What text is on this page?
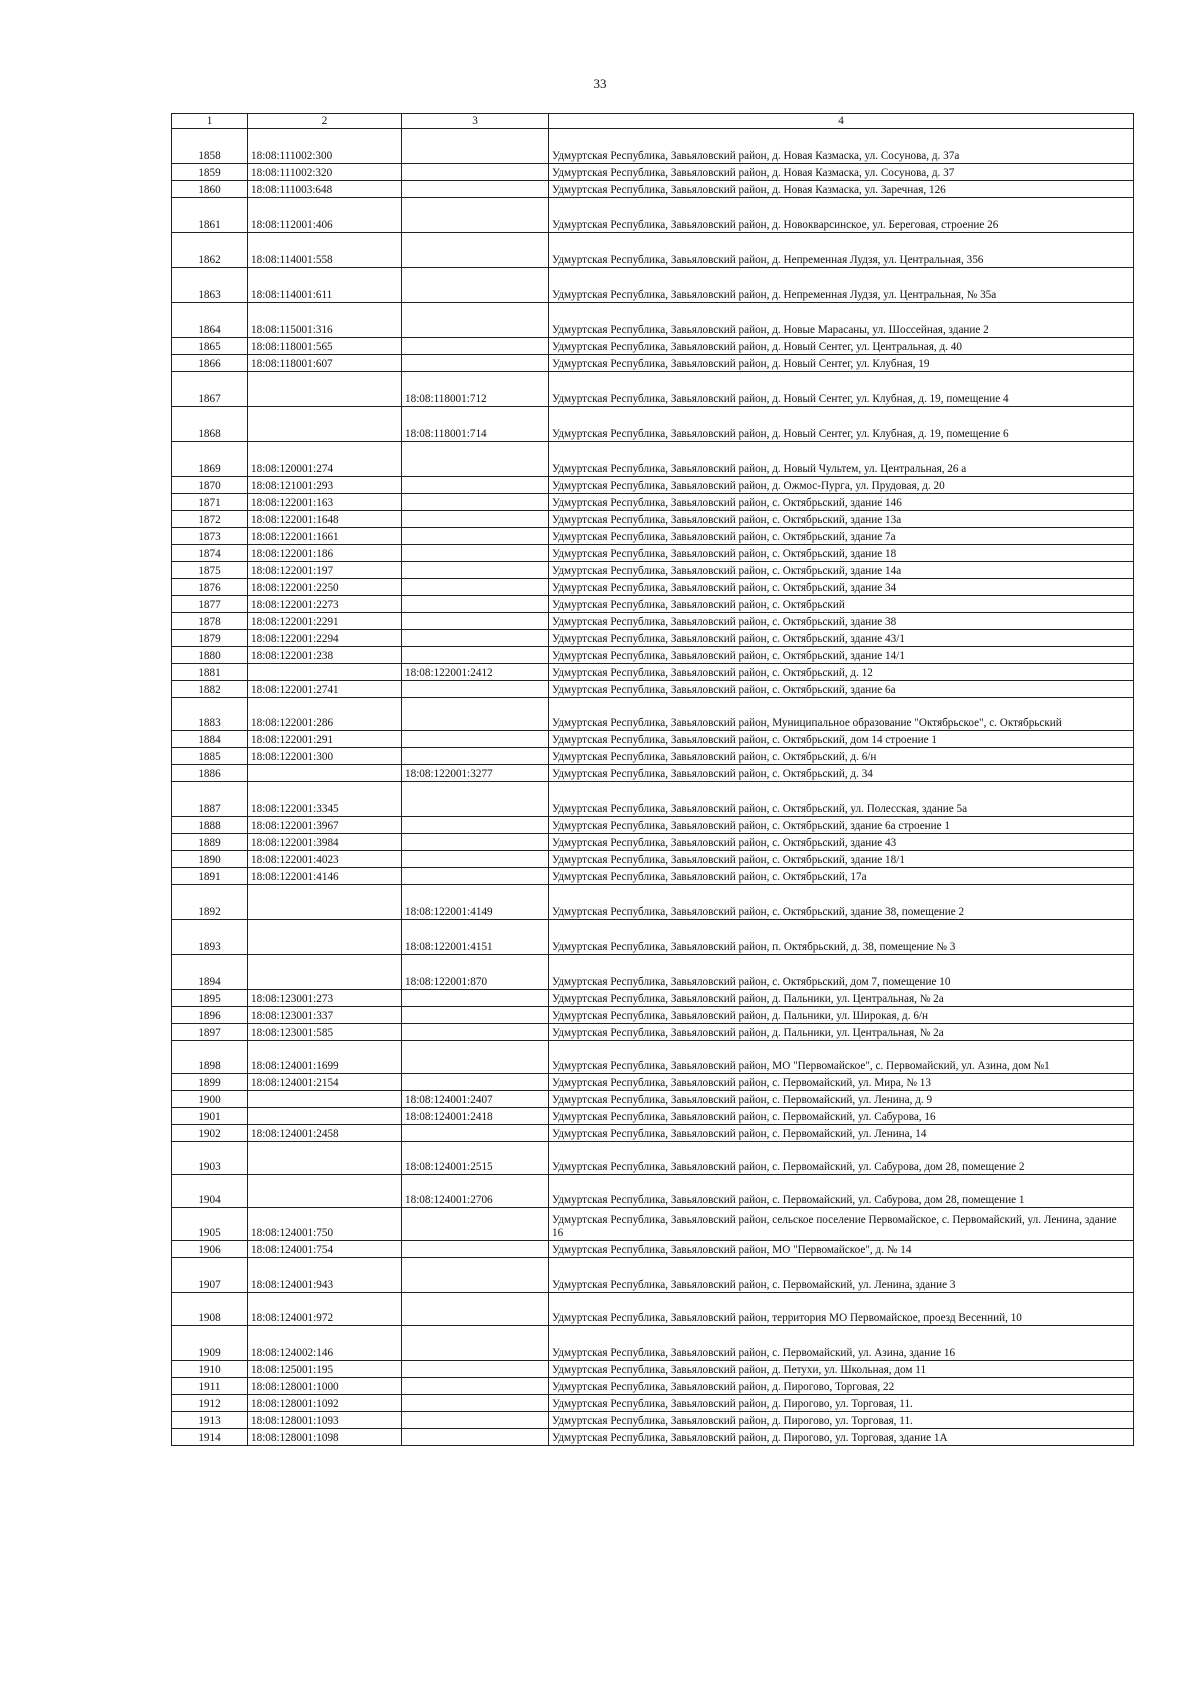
33
1	2	3	4
1858	18:08:111002:300		Удмуртская Республика, Завьяловский район, д. Новая Казмаска, ул. Сосунова, д. 37а
1859	18:08:111002:320		Удмуртская Республика, Завьяловский район, д. Новая Казмаска, ул. Сосунова, д. 37
1860	18:08:111003:648		Удмуртская Республика, Завьяловский район, д. Новая Казмаска, ул. Заречная, 126
1861	18:08:112001:406		Удмуртская Республика, Завьяловский район, д. Новокварсинское, ул. Береговая, строение 26
1862	18:08:114001:558		Удмуртская Республика, Завьяловский район, д. Непременная Лудзя, ул. Центральная, 356
1863	18:08:114001:611		Удмуртская Республика, Завьяловский район, д. Непременная Лудзя, ул. Центральная, № 35а
1864	18:08:115001:316		Удмуртская Республика, Завьяловский район, д. Новые Марасаны, ул. Шоссейная, здание 2
1865	18:08:118001:565		Удмуртская Республика, Завьяловский район, д. Новый Сентег, ул. Центральная, д. 40
1866	18:08:118001:607		Удмуртская Республика, Завьяловский район, д. Новый Сентег, ул. Клубная, 19
1867		18:08:118001:712	Удмуртская Республика, Завьяловский район, д. Новый Сентег, ул. Клубная, д. 19, помещение 4
1868		18:08:118001:714	Удмуртская Республика, Завьяловский район, д. Новый Сентег, ул. Клубная, д. 19, помещение 6
1869	18:08:120001:274		Удмуртская Республика, Завьяловский район, д. Новый Чультем, ул. Центральная, 26 а
1870	18:08:121001:293		Удмуртская Республика, Завьяловский район, д. Ожмос-Пурга, ул. Прудовая, д. 20
1871	18:08:122001:163		Удмуртская Республика, Завьяловский район, с. Октябрьский, здание 146
1872	18:08:122001:1648		Удмуртская Республика, Завьяловский район, с. Октябрьский, здание 13а
1873	18:08:122001:1661		Удмуртская Республика, Завьяловский район, с. Октябрьский, здание 7а
1874	18:08:122001:186		Удмуртская Республика, Завьяловский район, с. Октябрьский, здание 18
1875	18:08:122001:197		Удмуртская Республика, Завьяловский район, с. Октябрьский, здание 14а
1876	18:08:122001:2250		Удмуртская Республика, Завьяловский район, с. Октябрьский, здание 34
1877	18:08:122001:2273		Удмуртская Республика, Завьяловский район, с. Октябрьский
1878	18:08:122001:2291		Удмуртская Республика, Завьяловский район, с. Октябрьский, здание 38
1879	18:08:122001:2294		Удмуртская Республика, Завьяловский район, с. Октябрьский, здание 43/1
1880	18:08:122001:238		Удмуртская Республика, Завьяловский район, с. Октябрьский, здание 14/1
1881		18:08:122001:2412	Удмуртская Республика, Завьяловский район, с. Октябрьский, д. 12
1882	18:08:122001:2741		Удмуртская Республика, Завьяловский район, с. Октябрьский, здание 6а
1883	18:08:122001:286		Удмуртская Республика, Завьяловский район, Муниципальное образование "Октябрьское", с. Октябрьский
1884	18:08:122001:291		Удмуртская Республика, Завьяловский район, с. Октябрьский, дом 14 строение 1
1885	18:08:122001:300		Удмуртская Республика, Завьяловский район, с. Октябрьский, д. 6/н
1886		18:08:122001:3277	Удмуртская Республика, Завьяловский район, с. Октябрьский, д. 34
1887	18:08:122001:3345		Удмуртская Республика, Завьяловский район, с. Октябрьский, ул. Полесская, здание 5а
1888	18:08:122001:3967		Удмуртская Республика, Завьяловский район, с. Октябрьский, здание 6а строение 1
1889	18:08:122001:3984		Удмуртская Республика, Завьяловский район, с. Октябрьский, здание 43
1890	18:08:122001:4023		Удмуртская Республика, Завьяловский район, с. Октябрьский, здание 18/1
1891	18:08:122001:4146		Удмуртская Республика, Завьяловский район, с. Октябрьский, 17а
1892		18:08:122001:4149	Удмуртская Республика, Завьяловский район, с. Октябрьский, здание 38, помещение 2
1893		18:08:122001:4151	Удмуртская Республика, Завьяловский район, п. Октябрьский, д. 38, помещение № 3
1894		18:08:122001:870	Удмуртская Республика, Завьяловский район, с. Октябрьский, дом 7, помещение 10
1895	18:08:123001:273		Удмуртская Республика, Завьяловский район, д. Пальники, ул. Центральная, № 2а
1896	18:08:123001:337		Удмуртская Республика, Завьяловский район, д. Пальники, ул. Широкая, д. 6/н
1897	18:08:123001:585		Удмуртская Республика, Завьяловский район, д. Пальники, ул. Центральная, № 2а
1898	18:08:124001:1699		Удмуртская Республика, Завьяловский район, МО "Первомайское", с. Первомайский, ул. Азина, дом №1
1899	18:08:124001:2154		Удмуртская Республика, Завьяловский район, с. Первомайский, ул. Мира, № 13
1900		18:08:124001:2407	Удмуртская Республика, Завьяловский район, с. Первомайский, ул. Ленина, д. 9
1901		18:08:124001:2418	Удмуртская Республика, Завьяловский район, с. Первомайский, ул. Сабурова, 16
1902	18:08:124001:2458		Удмуртская Республика, Завьяловский район, с. Первомайский, ул. Ленина, 14
1903		18:08:124001:2515	Удмуртская Республика, Завьяловский район, с. Первомайский, ул. Сабурова, дом 28, помещение 2
1904		18:08:124001:2706	Удмуртская Республика, Завьяловский район, с. Первомайский, ул. Сабурова, дом 28, помещение 1
1905	18:08:124001:750		Удмуртская Республика, Завьяловский район, сельское поселение Первомайское, с. Первомайский, ул. Ленина, здание 16
1906	18:08:124001:754		Удмуртская Республика, Завьяловский район, МО "Первомайское", д. № 14
1907	18:08:124001:943		Удмуртская Республика, Завьяловский район, с. Первомайский, ул. Ленина, здание 3
1908	18:08:124001:972		Удмуртская Республика, Завьяловский район, территория МО Первомайское, проезд Весенний, 10
1909	18:08:124002:146		Удмуртская Республика, Завьяловский район, с. Первомайский, ул. Азина, здание 16
1910	18:08:125001:195		Удмуртская Республика, Завьяловский район, д. Петухи, ул. Школьная, дом 11
1911	18:08:128001:1000		Удмуртская Республика, Завьяловский район, д. Пирогово, Торговая, 22
1912	18:08:128001:1092		Удмуртская Республика, Завьяловский район, д. Пирогово, ул. Торговая, 11.
1913	18:08:128001:1093		Удмуртская Республика, Завьяловский район, д. Пирогово, ул. Торговая, 11.
1914	18:08:128001:1098		Удмуртская Республика, Завьяловский район, д. Пирогово, ул. Торговая, здание 1А
